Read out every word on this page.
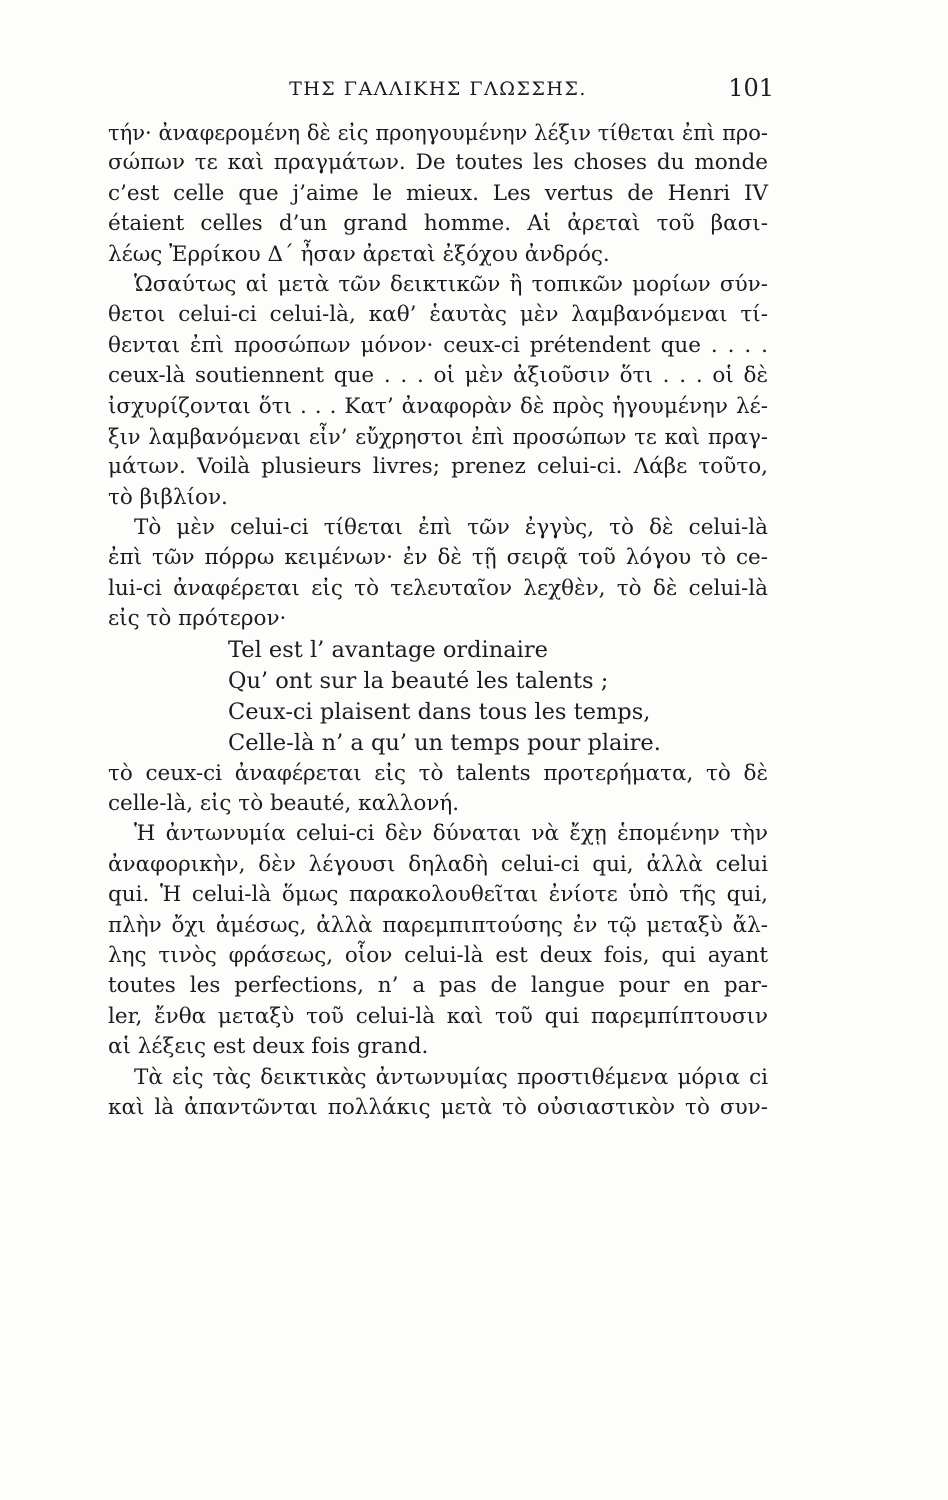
ΤΗΣ ΓΑΛΛΙΚΗΣ ΓΛΩΣΣΗΣ.	101
τήν· ἀναφερομένη δὲ εἰς προηγουμένην λέξιν τίθεται ἐπὶ προ-
σώπων τε καὶ πραγμάτων. De toutes les choses du monde
c’est celle que j’aime le mieux. Les vertus de Henri IV
étaient celles d’un grand homme. Αἱ ἀρεταὶ τοῦ βασι-
λέως Ἐρρίκου Δ΄ ἦσαν ἀρεταὶ ἐξόχου ἀνδρός.
Ὡσαύτως αἱ μετὰ τῶν δεικτικῶν ἢ τοπικῶν μορίων σύν-
θετοι celui-ci celui-là, καθ’ ἑαυτὰς μὲν λαμβανόμεναι τί-
θενται ἐπὶ προσώπων μόνον· ceux-ci prétendent que . . . .
ceux-là soutiennent que . . . οἱ μὲν ἀξιοῦσιν ὅτι . . . οἱ δὲ
ἰσχυρίζονται ὅτι . . . Κατ’ ἀναφορὰν δὲ πρὸς ἡγουμένην λέ-
ξιν λαμβανόμεναι εἶν’ εὔχρηστοι ἐπὶ προσώπων τε καὶ πραγ-
μάτων. Voilà plusieurs livres; prenez celui-ci. Λάβε τοῦτο,
τὸ βιβλίον.
Τὸ μὲν celui-ci τίθεται ἐπὶ τῶν ἐγγὺς, τὸ δὲ celui-là
ἐπὶ τῶν πόρρω κειμένων· ἐν δὲ τῇ σειρᾷ τοῦ λόγου τὸ ce-
lui-ci ἀναφέρεται εἰς τὸ τελευταῖον λεχθὲν, τὸ δὲ celui-là
εἰς τὸ πρότερον·
Tel est l’ avantage ordinaire
Qu’ ont sur la beauté les talents ;
Ceux-ci plaisent dans tous les temps,
Celle-là n’ a qu’ un temps pour plaire.
τὸ ceux-ci ἀναφέρεται εἰς τὸ talents προτερήματα, τὸ δὲ
celle-là, εἰς τὸ beauté, καλλονή.
Ἡ ἀντωνυμία celui-ci δὲν δύναται νὰ ἔχῃ ἑπομένην τὴν
ἀναφορικὴν, δὲν λέγουσι δηλαδὴ celui-ci qui, ἀλλὰ celui
qui. Ἡ celui-là ὅμως παρακολουθεῖται ἐνίοτε ὑπὸ τῆς qui,
πλὴν ὄχι ἀμέσως, ἀλλὰ παρεμπιπτούσης ἐν τῷ μεταξὺ ἄλ-
λης τινὸς φράσεως, οἷον celui-là est deux fois, qui ayant
toutes les perfections, n’ a pas de langue pour en par-
ler, ἔνθα μεταξὺ τοῦ celui-là καὶ τοῦ qui παρεμπίπτουσιν
αἱ λέξεις est deux fois grand.
Τὰ εἰς τὰς δεικτικὰς ἀντωνυμίας προστιθέμενα μόρια ci
καὶ là ἀπαντῶνται πολλάκις μετὰ τὸ οὐσιαστικὸν τὸ συν-
